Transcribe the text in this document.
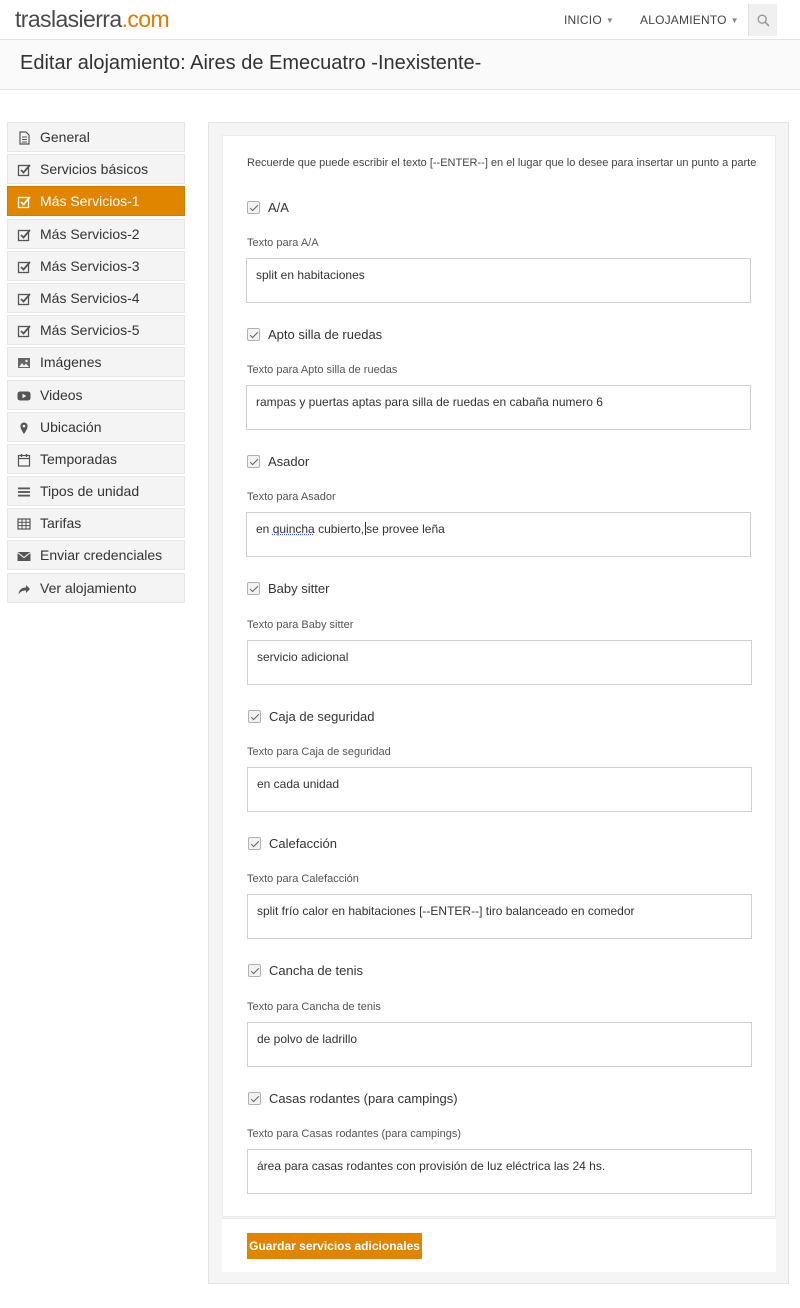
traslasierra.com	INICIO ▼ ALOJAMIENTO ▼
Editar alojamiento: Aires de Emecuatro -Inexistente-
General
Servicios básicos
Más Servicios-1
Más Servicios-2
Más Servicios-3
Más Servicios-4
Más Servicios-5
Imágenes
Videos
Ubicación
Temporadas
Tipos de unidad
Tarifas
Enviar credenciales
Ver alojamiento
Recuerde que puede escribir el texto [--ENTER--] en el lugar que lo desee para insertar un punto a parte
A/A
Texto para A/A
split en habitaciones
Apto silla de ruedas
Texto para Apto silla de ruedas
rampas y puertas aptas para silla de ruedas en cabaña numero 6
Asador
Texto para Asador
en quincha cubierto, se provee leña
Baby sitter
Texto para Baby sitter
servicio adicional
Caja de seguridad
Texto para Caja de seguridad
en cada unidad
Calefacción
Texto para Calefacción
split frío calor en habitaciones [--ENTER--] tiro balanceado en comedor
Cancha de tenis
Texto para Cancha de tenis
de polvo de ladrillo
Casas rodantes (para campings)
Texto para Casas rodantes (para campings)
área para casas rodantes con provisión de luz eléctrica las 24 hs.
Guardar servicios adicionales
